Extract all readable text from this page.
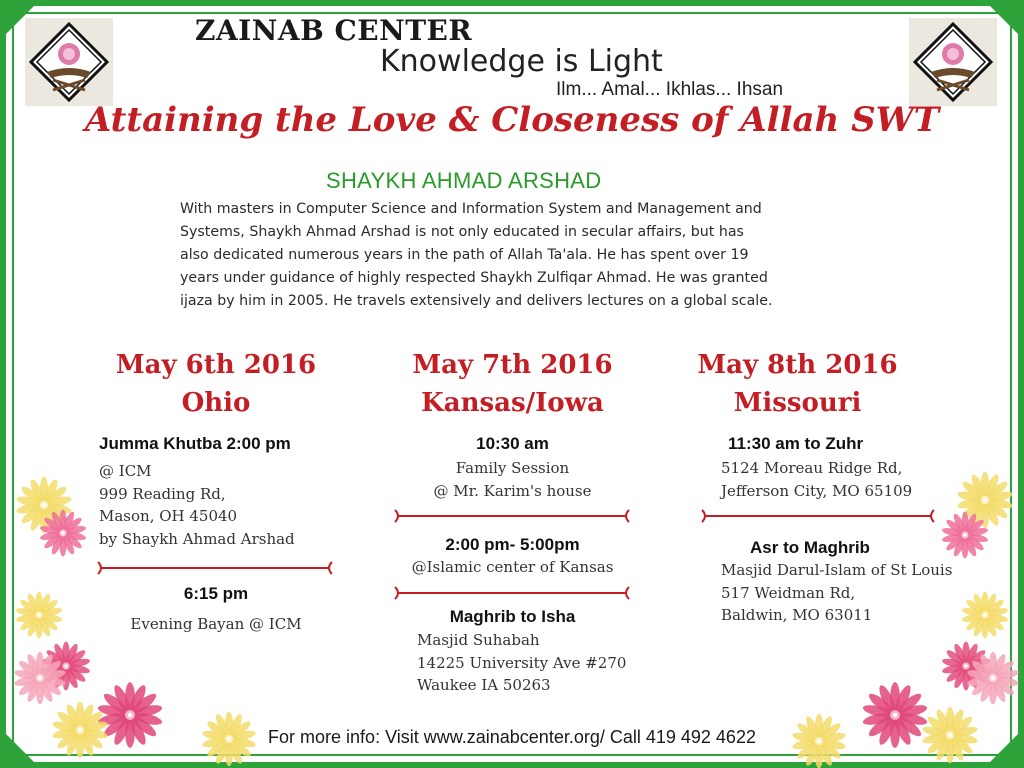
ZAINAB CENTER
Knowledge is Light
Ilm... Amal... Ikhlas... Ihsan
Attaining the Love & Closeness of Allah SWT
SHAYKH AHMAD ARSHAD
With masters in Computer Science and Information System and Management and
Systems, Shaykh Ahmad Arshad is not only educated in secular affairs, but has
also dedicated numerous years in the path of Allah Ta'ala. He has spent over 19
years under guidance of highly respected Shaykh Zulfiqar Ahmad. He was granted
ijaza by him in 2005. He travels extensively and delivers lectures on a global scale.
May 6th 2016
Ohio
Jumma Khutba 2:00 pm
@ ICM
999 Reading Rd,
Mason, OH 45040
by Shaykh Ahmad Arshad
6:15 pm
Evening Bayan @ ICM
May 7th 2016
Kansas/Iowa
10:30 am
Family Session
@ Mr. Karim's house
2:00 pm- 5:00pm
@Islamic center of Kansas
Maghrib to Isha
Masjid Suhabah
14225 University Ave #270
Waukee IA 50263
May 8th 2016
Missouri
11:30 am to Zuhr
5124 Moreau Ridge Rd,
Jefferson City, MO 65109
Asr to Maghrib
Masjid Darul-Islam of St Louis
517 Weidman Rd,
Baldwin, MO 63011
For more info: Visit www.zainabcenter.org/ Call 419 492 4622
